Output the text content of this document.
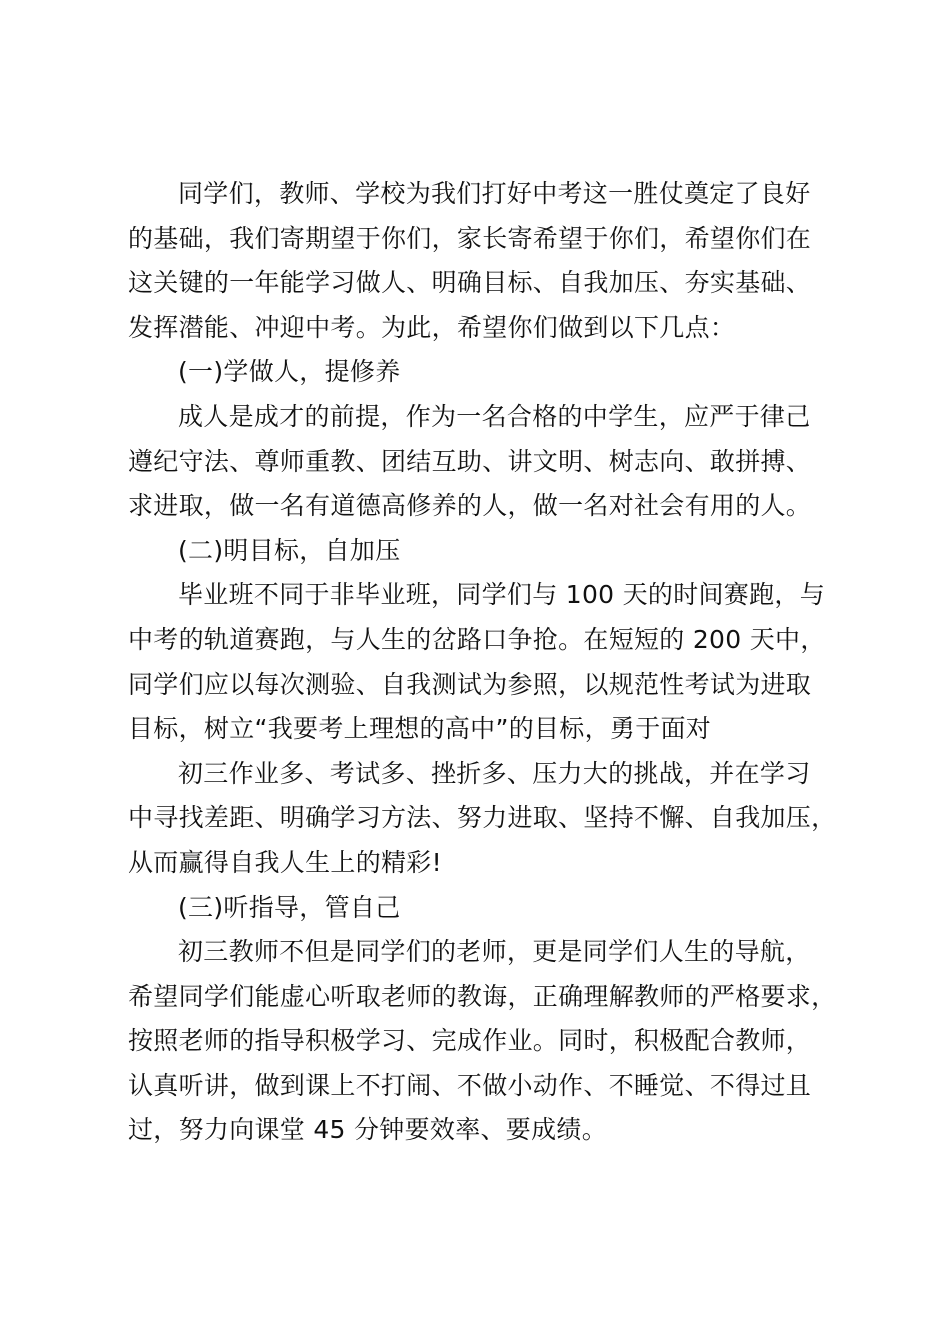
同学们，教师、学校为我们打好中考这一胜仗奠定了良好
的基础，我们寄期望于你们，家长寄希望于你们，希望你们在
这关键的一年能学习做人、明确目标、自我加压、夯实基础、
发挥潜能、冲迎中考。为此，希望你们做到以下几点：
(一)学做人，提修养
成人是成才的前提，作为一名合格的中学生，应严于律己
遵纪守法、尊师重教、团结互助、讲文明、树志向、敢拼搏、
求进取，做一名有道德高修养的人，做一名对社会有用的人。
(二)明目标，自加压
毕业班不同于非毕业班，同学们与 100 天的时间赛跑，与
中考的轨道赛跑，与人生的岔路口争抢。在短短的 200 天中，
同学们应以每次测验、自我测试为参照，以规范性考试为进取
目标，树立“我要考上理想的高中”的目标，勇于面对
初三作业多、考试多、挫折多、压力大的挑战，并在学习
中寻找差距、明确学习方法、努力进取、坚持不懈、自我加压，
从而赢得自我人生上的精彩!
(三)听指导，管自己
初三教师不但是同学们的老师，更是同学们人生的导航，
希望同学们能虚心听取老师的教诲，正确理解教师的严格要求，
按照老师的指导积极学习、完成作业。同时，积极配合教师，
认真听讲，做到课上不打闹、不做小动作、不睡觉、不得过且
过，努力向课堂 45 分钟要效率、要成绩。
